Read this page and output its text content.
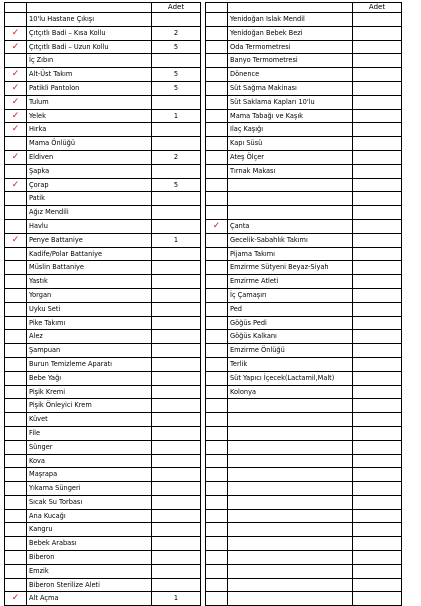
		Adet				Adet
	10'lu Hastane Çıkışı				Yenidoğan Islak Mendil	
✓	Çıtçıtlı Badi – Kısa Kollu	2			Yenidoğan Bebek Bezi	
✓	Çıtçıtlı Badi – Uzun Kollu	5			Oda Termometresi	
	İç Zıbın				Banyo Termometresi	
✓	Alt-Üst Takım	5			Dönence	
✓	Patikli Pantolon	5			Süt Sağma Makinası	
✓	Tulum				Süt Saklama Kapları 10'lu	
✓	Yelek	1			Mama Tabağı ve Kaşık	
✓	Hırka				Ilaç Kaşığı	
	Mama Önlüğü				Kapı Süsü	
✓	Eldiven	2			Ateş Ölçer	
	Şapka				Tırnak Makası	
✓	Çorap	5				
	Patik					
	Ağız Mendili					
	Havlu			✓	Çanta	
✓	Penye Battaniye	1			Gecelik-Sabahlık Takımı	
	Kadife/Polar Battaniye				Pijama Takımı	
	Müslin Battaniye				Emzirme Sütyeni Beyaz-Siyah	
	Yastık				Emzirme Atleti	
	Yorgan				İç Çamaşırı	
	Uyku Seti				Ped	
	Pike Takımı				Göğüs Pedi	
	Alez				Göğüs Kalkanı	
	Şampuan				Emzirme Önlüğü	
	Burun Temizleme Aparatı				Terlik	
	Bebe Yağı				Süt Yapıcı İçecek(Lactamil,Malt)	
	Pişik Kremi				Kolonya	
	Pişik Önleyici Krem					
	Küvet					
	File					
	Sünger					
	Kova					
	Maşrapa					
	Yıkama Süngeri					
	Sıcak Su Torbası					
	Ana Kucağı					
	Kangru					
	Bebek Arabası					
	Biberon					
	Emzik					
	Biberon Sterilize Aleti					
✓	Alt Açma	1				
